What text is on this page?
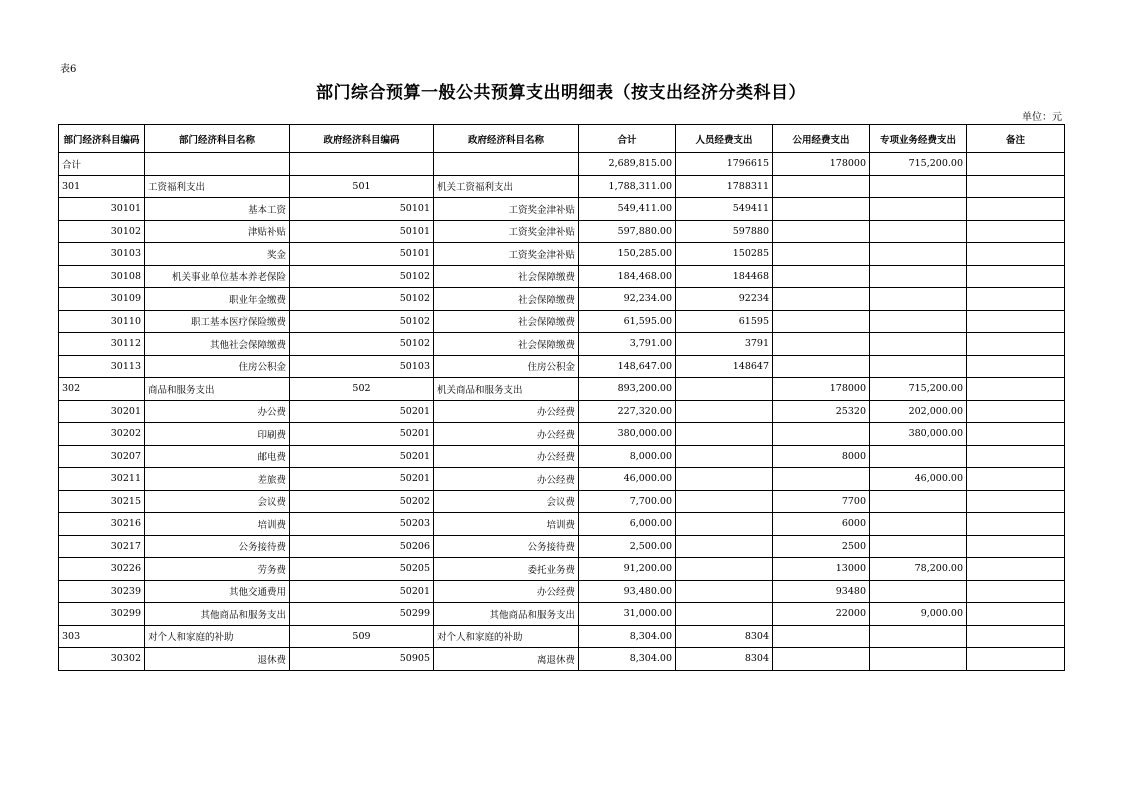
表6
部门综合预算一般公共预算支出明细表（按支出经济分类科目）
单位：元
部门经济科目编码	部门经济科目名称	政府经济科目编码	政府经济科目名称	合计	人员经费支出	公用经费支出	专项业务经费支出	备注
合计				2,689,815.00	1796615	178000	715,200.00	
301	工资福利支出	501	机关工资福利支出	1,788,311.00	1788311			
30101	基本工资	50101	工资奖金津补贴	549,411.00	549411			
30102	津贴补贴	50101	工资奖金津补贴	597,880.00	597880			
30103	奖金	50101	工资奖金津补贴	150,285.00	150285			
30108	机关事业单位基本养老保险	50102	社会保障缴费	184,468.00	184468			
30109	职业年金缴费	50102	社会保障缴费	92,234.00	92234			
30110	职工基本医疗保险缴费	50102	社会保障缴费	61,595.00	61595			
30112	其他社会保障缴费	50102	社会保障缴费	3,791.00	3791			
30113	住房公积金	50103	住房公积金	148,647.00	148647			
302	商品和服务支出	502	机关商品和服务支出	893,200.00		178000	715,200.00	
30201	办公费	50201	办公经费	227,320.00		25320	202,000.00	
30202	印刷费	50201	办公经费	380,000.00			380,000.00	
30207	邮电费	50201	办公经费	8,000.00		8000		
30211	差旅费	50201	办公经费	46,000.00			46,000.00	
30215	会议费	50202	会议费	7,700.00		7700		
30216	培训费	50203	培训费	6,000.00		6000		
30217	公务接待费	50206	公务接待费	2,500.00		2500		
30226	劳务费	50205	委托业务费	91,200.00		13000	78,200.00	
30239	其他交通费用	50201	办公经费	93,480.00		93480		
30299	其他商品和服务支出	50299	其他商品和服务支出	31,000.00		22000	9,000.00	
303	对个人和家庭的补助	509	对个人和家庭的补助	8,304.00	8304			
30302	退休费	50905	离退休费	8,304.00	8304			
